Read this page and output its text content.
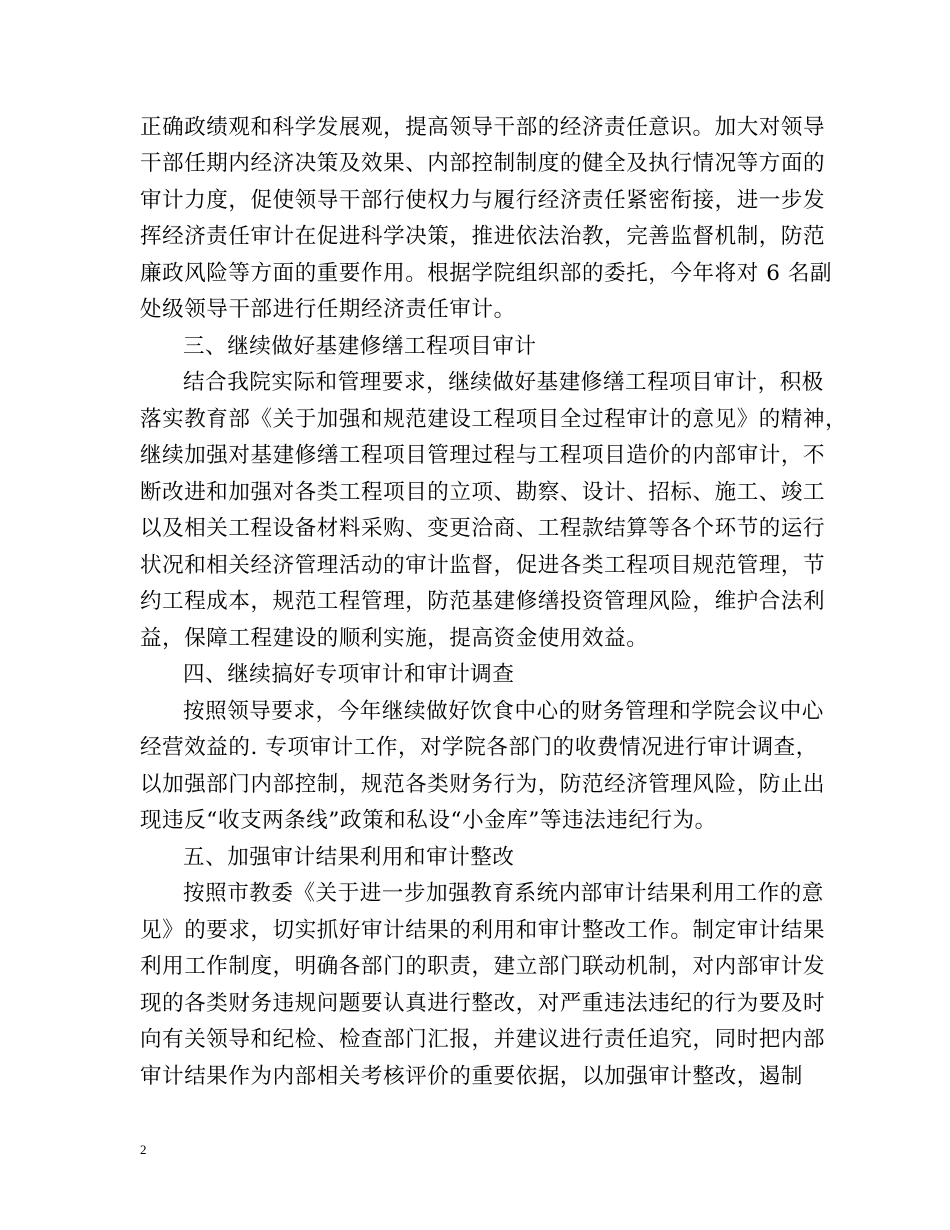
正确政绩观和科学发展观，提高领导干部的经济责任意识。加大对领导
干部任期内经济决策及效果、内部控制制度的健全及执行情况等方面的
审计力度，促使领导干部行使权力与履行经济责任紧密衔接，进一步发
挥经济责任审计在促进科学决策，推进依法治教，完善监督机制，防范
廉政风险等方面的重要作用。根据学院组织部的委托，今年将对 6 名副
处级领导干部进行任期经济责任审计。
三、继续做好基建修缮工程项目审计
结合我院实际和管理要求，继续做好基建修缮工程项目审计，积极
落实教育部《关于加强和规范建设工程项目全过程审计的意见》的精神，
继续加强对基建修缮工程项目管理过程与工程项目造价的内部审计，不
断改进和加强对各类工程项目的立项、勘察、设计、招标、施工、竣工
以及相关工程设备材料采购、变更洽商、工程款结算等各个环节的运行
状况和相关经济管理活动的审计监督，促进各类工程项目规范管理，节
约工程成本，规范工程管理，防范基建修缮投资管理风险，维护合法利
益，保障工程建设的顺利实施，提高资金使用效益。
四、继续搞好专项审计和审计调查
按照领导要求，今年继续做好饮食中心的财务管理和学院会议中心
经营效益的. 专项审计工作，对学院各部门的收费情况进行审计调查，
以加强部门内部控制，规范各类财务行为，防范经济管理风险，防止出
现违反“收支两条线”政策和私设“小金库”等违法违纪行为。
五、加强审计结果利用和审计整改
按照市教委《关于进一步加强教育系统内部审计结果利用工作的意
见》的要求，切实抓好审计结果的利用和审计整改工作。制定审计结果
利用工作制度，明确各部门的职责，建立部门联动机制，对内部审计发
现的各类财务违规问题要认真进行整改，对严重违法违纪的行为要及时
向有关领导和纪检、检查部门汇报，并建议进行责任追究，同时把内部
审计结果作为内部相关考核评价的重要依据，以加强审计整改，遏制
2
